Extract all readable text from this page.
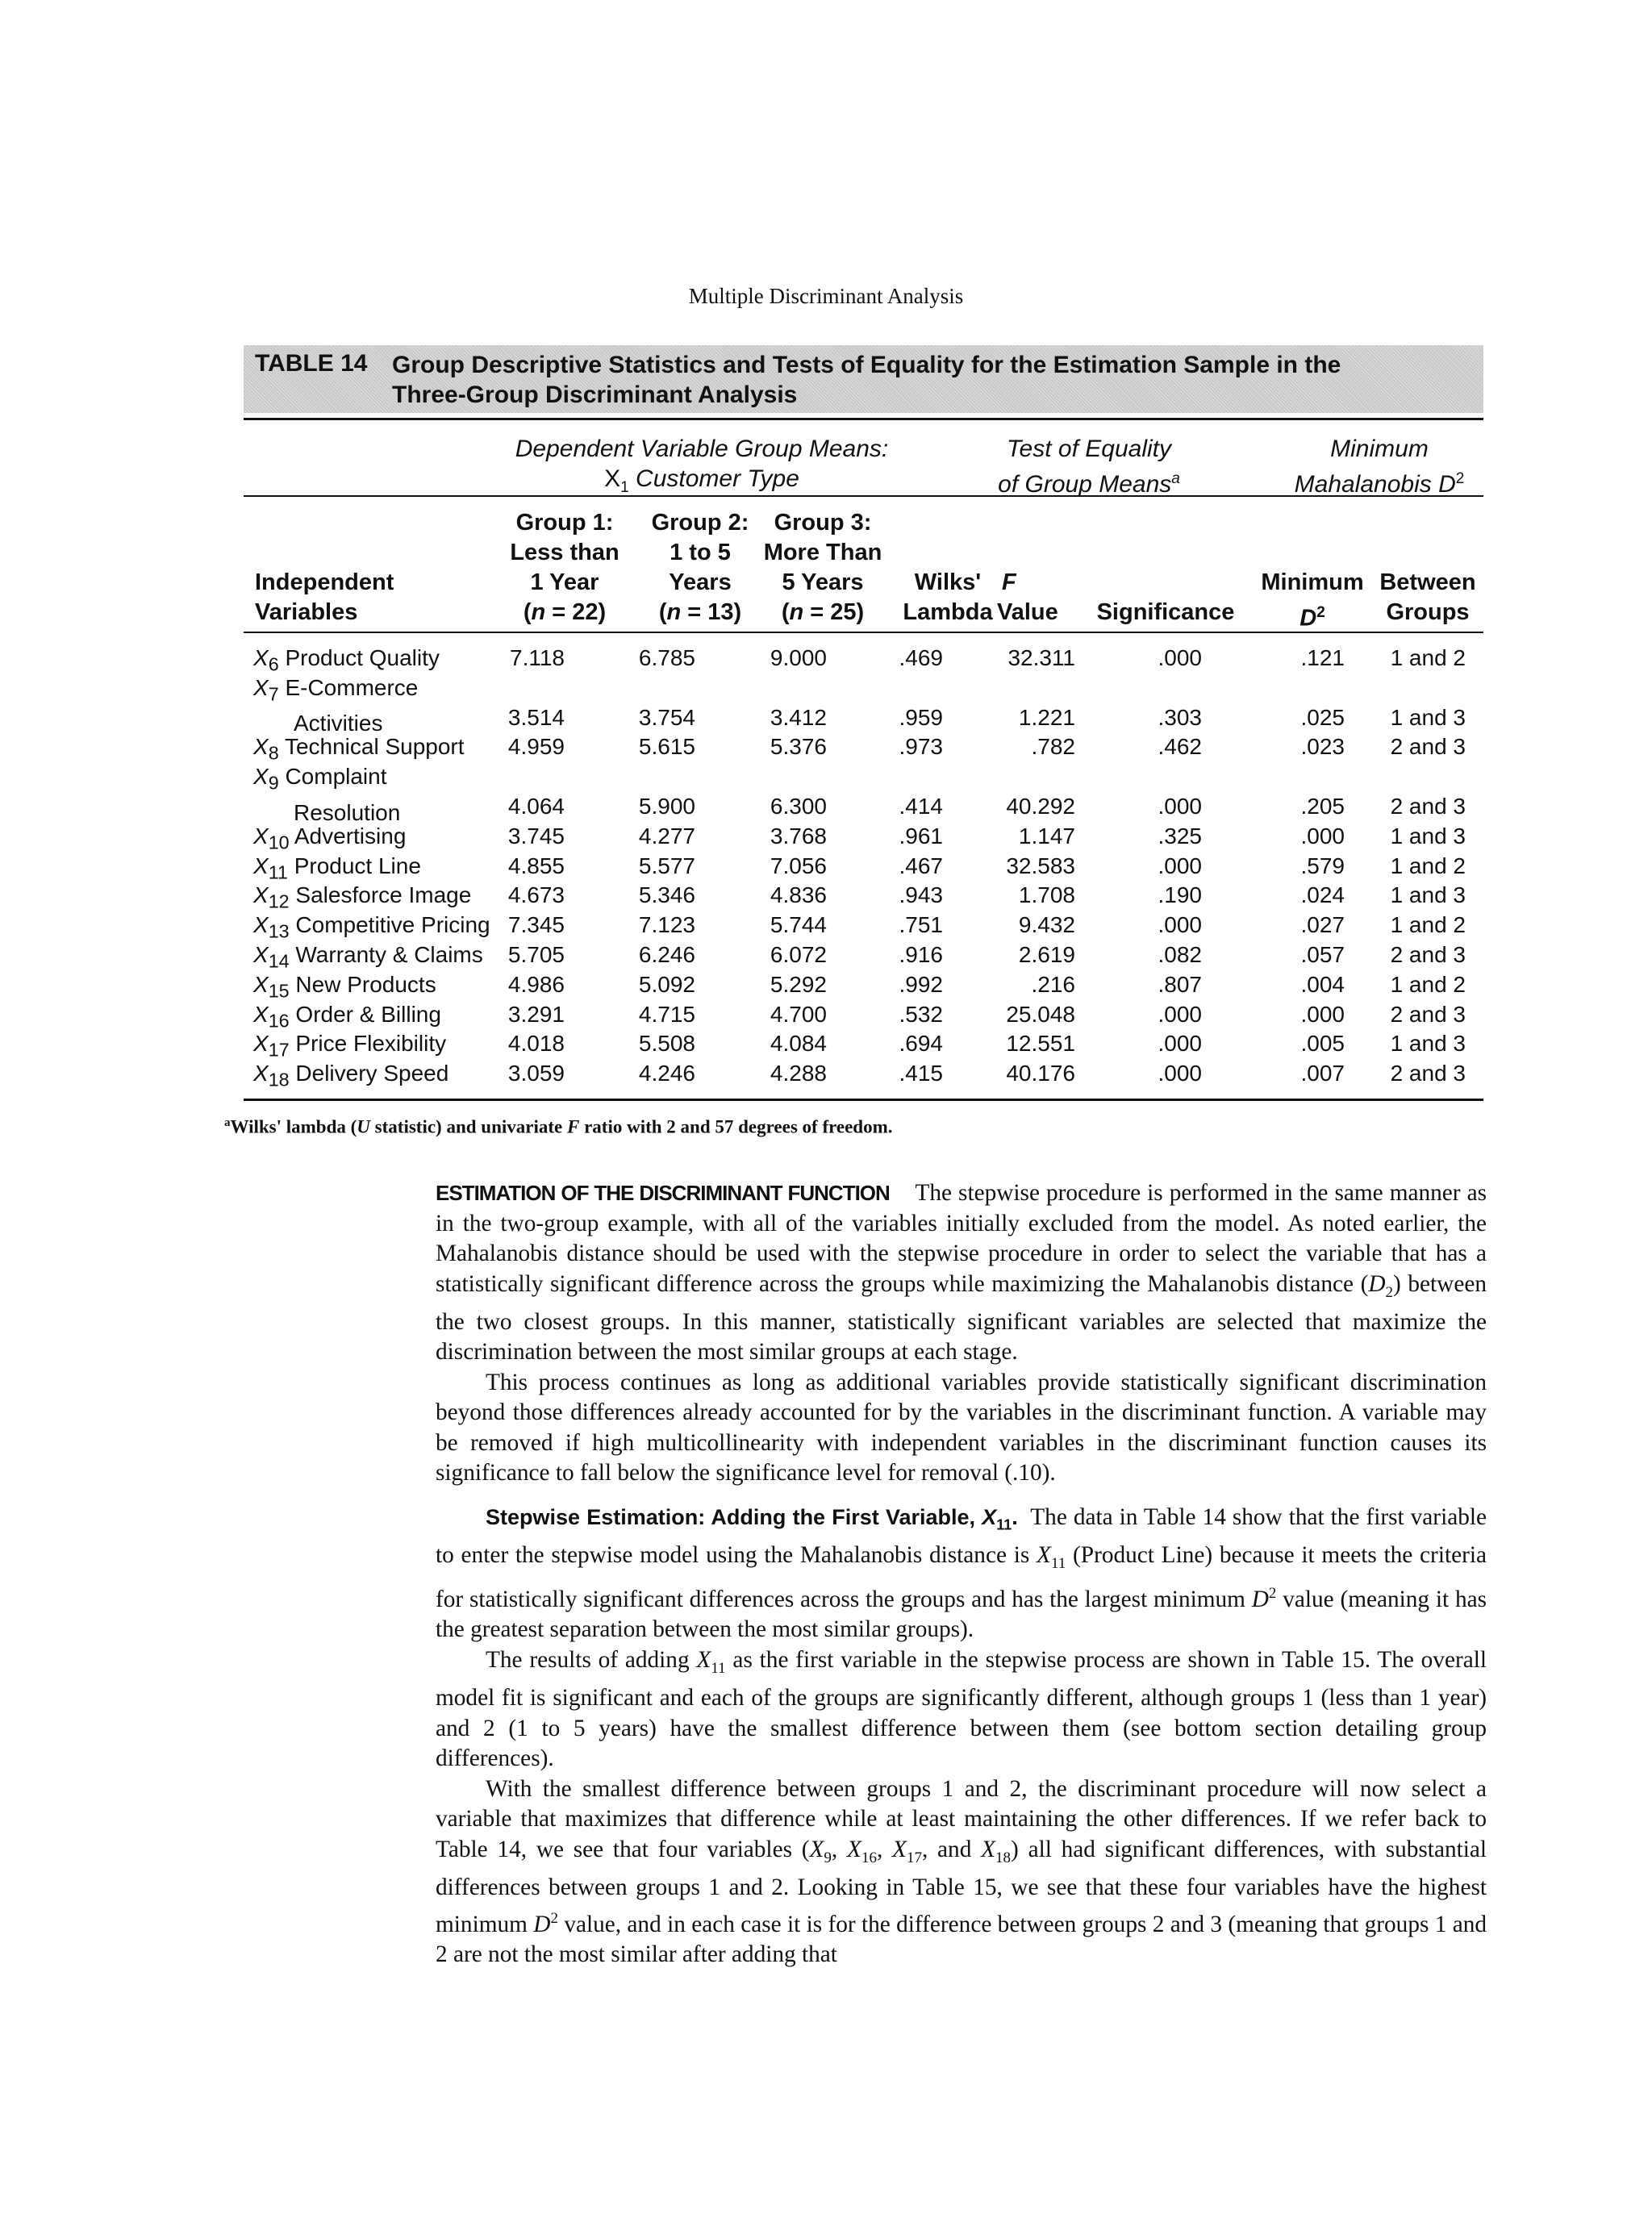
Multiple Discriminant Analysis
TABLE 14 Group Descriptive Statistics and Tests of Equality for the Estimation Sample in the
Three-Group Discriminant Analysis
Dependent Variable Group Means:
$X_1$ Customer Type
Test of Equality
of Group Means$^a$
Minimum
Mahalanobis $D^2$
Independent
Variables
Group 1:
Less than
1 Year
(n = 22)
Group 2:
1 to 5
Years
(n = 13)
Group 3:
More Than
5 Years
(n = 25)
Wilks'
Lambda
F
Value	Significance
Minimum
$D^2$
Between
Groups
$X_6$ Product Quality	7.118	6.785	9.000	.469	32.311	.000	.121 1 and 2
$X_7$ E-Commerce
Activities	3.514	3.754	3.412	.959	1.221	.303	.025 1 and 3
$X_8$ Technical Support 4.959	5.615	5.376	.973	.782	.462	.023 2 and 3
$X_9$ Complaint
Resolution	4.064	5.900	6.300	.414	40.292	.000	.205 2 and 3
$X_{10}$ Advertising	3.745	4.277	3.768	.961	1.147	.325	.000 1 and 3
$X_{11}$ Product Line	4.855	5.577	7.056	.467	32.583	.000	.579 1 and 2
$X_{12}$ Salesforce Image 4.673	5.346	4.836	.943	1.708	.190	.024 1 and 3
$X_{13}$ Competitive Pricing 7.345	7.123	5.744	.751	9.432	.000	.027 1 and 2
$X_{14}$ Warranty & Claims 5.705	6.246	6.072	.916	2.619	.082	.057 2 and 3
$X_{15}$ New Products	4.986	5.092	5.292	.992	.216	.807	.004 1 and 2
$X_{16}$ Order & Billing	3.291	4.715	4.700	.532	25.048	.000	.000 2 and 3
$X_{17}$ Price Flexibility	4.018	5.508	4.084	.694	12.551	.000	.005 1 and 3
$X_{18}$ Delivery Speed	3.059	4.246	4.288	.415	40.176	.000	.007 2 and 3
$^a$Wilks' lambda (U statistic) and univariate F ratio with 2 and 57 degrees of freedom.

ESTIMATION OF THE DISCRIMINANT FUNCTION The stepwise procedure is performed in the same manner as in the two-group example, with all of the variables initially excluded from the model. As noted earlier, the Mahalanobis distance should be used with the stepwise procedure in order to select the variable that has a statistically significant difference across the groups while maximizing the Mahalanobis distance $(D_2)$ between the two closest groups. In this manner, statistically significant variables are selected that maximize the discrimination between the most similar groups at each stage.

This process continues as long as additional variables provide statistically significant discrimination beyond those differences already accounted for by the variables in the discriminant function. A variable may be removed if high multicollinearity with independent variables in the discriminant function causes its significance to fall below the significance level for removal (.10).

Stepwise Estimation: Adding the First Variable, $X_{11}$. The data in Table 14 show that the first variable to enter the stepwise model using the Mahalanobis distance is $X_{11}$ (Product Line) because it meets the criteria for statistically significant differences across the groups and has the largest minimum $D^2$ value (meaning it has the greatest separation between the most similar groups).

The results of adding $X_{11}$ as the first variable in the stepwise process are shown in Table 15. The overall model fit is significant and each of the groups are significantly different, although groups 1 (less than 1 year) and 2 (1 to 5 years) have the smallest difference between them (see bottom section detailing group differences).

With the smallest difference between groups 1 and 2, the discriminant procedure will now select a variable that maximizes that difference while at least maintaining the other differences. If we refer back to Table 14, we see that four variables ($X_9$, $X_{16}$, $X_{17}$, and $X_{18}$) all had significant differences, with substantial differences between groups 1 and 2. Looking in Table 15, we see that these four variables have the highest minimum $D^2$ value, and in each case it is for the difference between groups 2 and 3 (meaning that groups 1 and 2 are not the most similar after adding that
